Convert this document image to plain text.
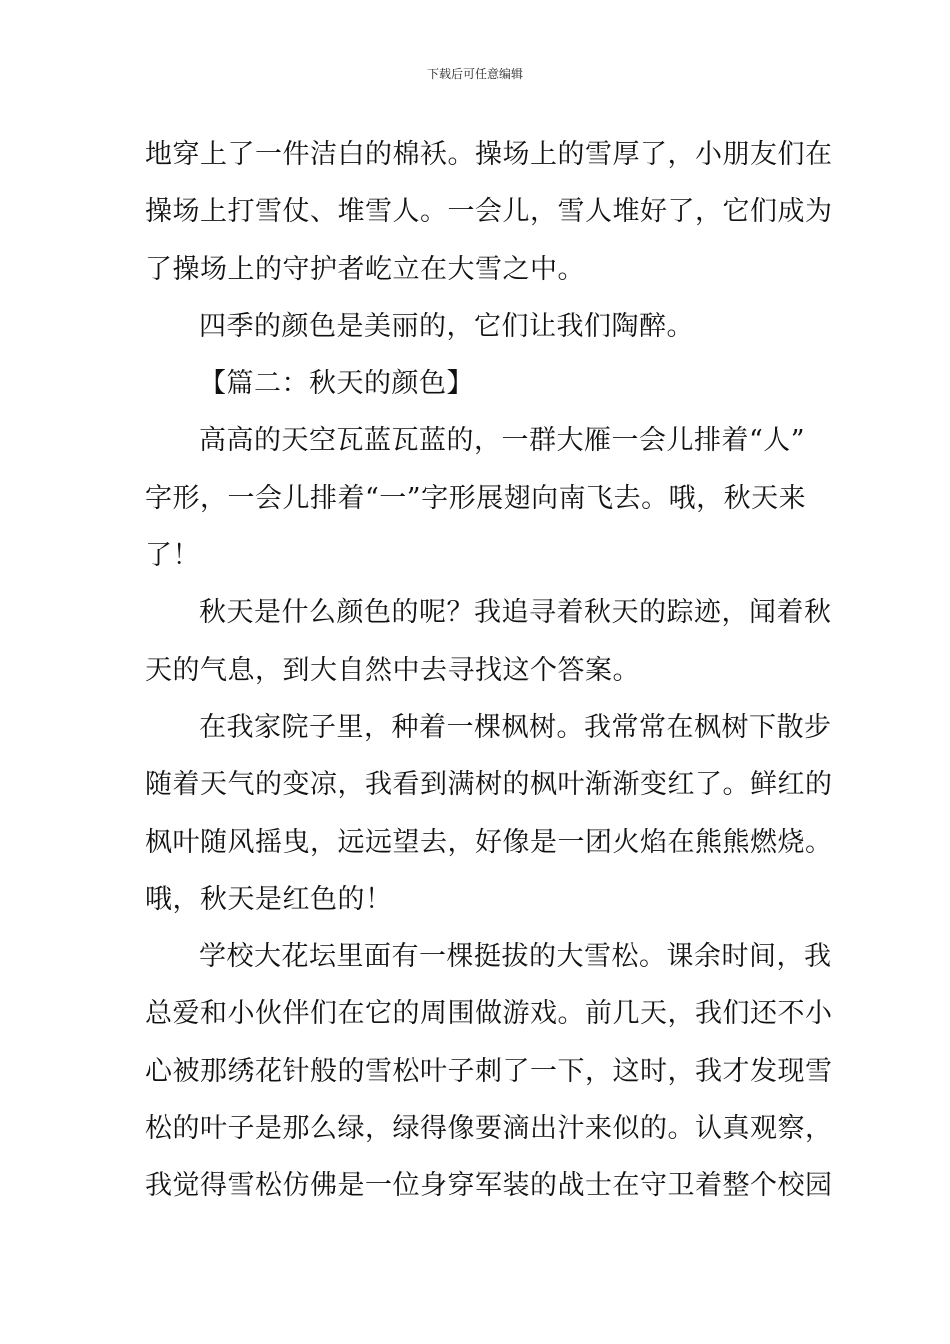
下载后可任意编辑
地穿上了一件洁白的棉袄。操场上的雪厚了，小朋友们在
操场上打雪仗、堆雪人。一会儿，雪人堆好了，它们成为
了操场上的守护者屹立在大雪之中。
四季的颜色是美丽的，它们让我们陶醉。
【篇二：秋天的颜色】
高高的天空瓦蓝瓦蓝的，一群大雁一会儿排着“人”
字形，一会儿排着“一”字形展翅向南飞去。哦，秋天来
了！
秋天是什么颜色的呢？我追寻着秋天的踪迹，闻着秋
天的气息，到大自然中去寻找这个答案。
在我家院子里，种着一棵枫树。我常常在枫树下散步
随着天气的变凉，我看到满树的枫叶渐渐变红了。鲜红的
枫叶随风摇曳，远远望去，好像是一团火焰在熊熊燃烧。
哦，秋天是红色的！
学校大花坛里面有一棵挺拔的大雪松。课余时间，我
总爱和小伙伴们在它的周围做游戏。前几天，我们还不小
心被那绣花针般的雪松叶子刺了一下，这时，我才发现雪
松的叶子是那么绿，绿得像要滴出汁来似的。认真观察，
我觉得雪松仿佛是一位身穿军装的战士在守卫着整个校园
